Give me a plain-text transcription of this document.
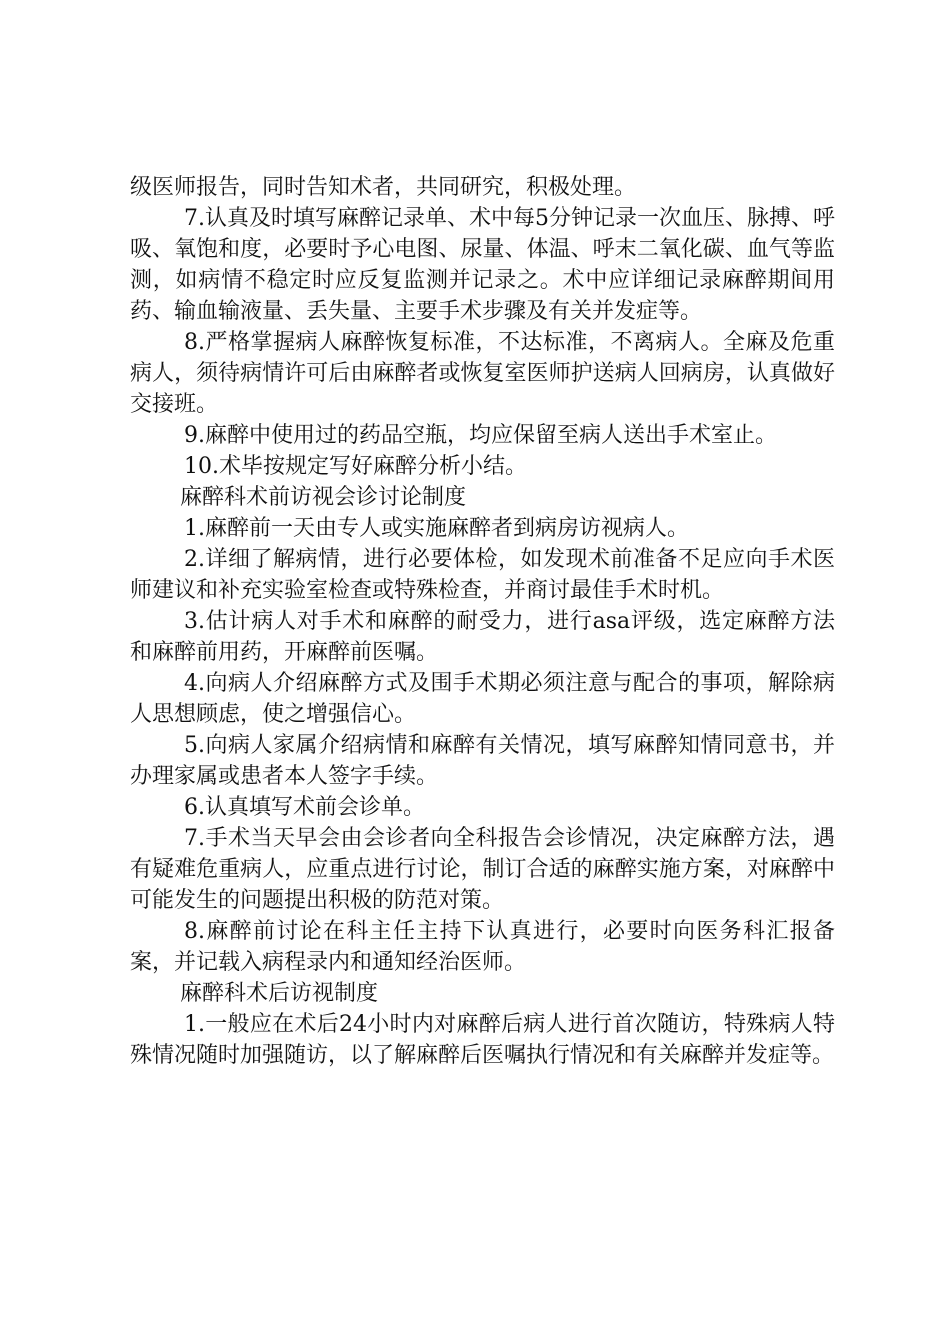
级医师报告，同时告知术者，共同研究，积极处理。

7.认真及时填写麻醉记录单、术中每5分钟记录一次血压、脉搏、呼吸、氧饱和度，必要时予心电图、尿量、体温、呼末二氧化碳、血气等监测，如病情不稳定时应反复监测并记录之。术中应详细记录麻醉期间用药、输血输液量、丢失量、主要手术步骤及有关并发症等。

8.严格掌握病人麻醉恢复标准，不达标准，不离病人。全麻及危重病人，须待病情许可后由麻醉者或恢复室医师护送病人回病房，认真做好交接班。

9.麻醉中使用过的药品空瓶，均应保留至病人送出手术室止。

10.术毕按规定写好麻醉分析小结。

麻醉科术前访视会诊讨论制度

1.麻醉前一天由专人或实施麻醉者到病房访视病人。

2.详细了解病情，进行必要体检，如发现术前准备不足应向手术医师建议和补充实验室检查或特殊检查，并商讨最佳手术时机。

3.估计病人对手术和麻醉的耐受力，进行asa评级，选定麻醉方法和麻醉前用药，开麻醉前医嘱。

4.向病人介绍麻醉方式及围手术期必须注意与配合的事项，解除病人思想顾虑，使之增强信心。

5.向病人家属介绍病情和麻醉有关情况，填写麻醉知情同意书，并办理家属或患者本人签字手续。

6.认真填写术前会诊单。

7.手术当天早会由会诊者向全科报告会诊情况，决定麻醉方法，遇有疑难危重病人，应重点进行讨论，制订合适的麻醉实施方案，对麻醉中可能发生的问题提出积极的防范对策。

8.麻醉前讨论在科主任主持下认真进行，必要时向医务科汇报备案，并记载入病程录内和通知经治医师。

麻醉科术后访视制度

1.一般应在术后24小时内对麻醉后病人进行首次随访，特殊病人特殊情况随时加强随访，以了解麻醉后医嘱执行情况和有关麻醉并发症等。
